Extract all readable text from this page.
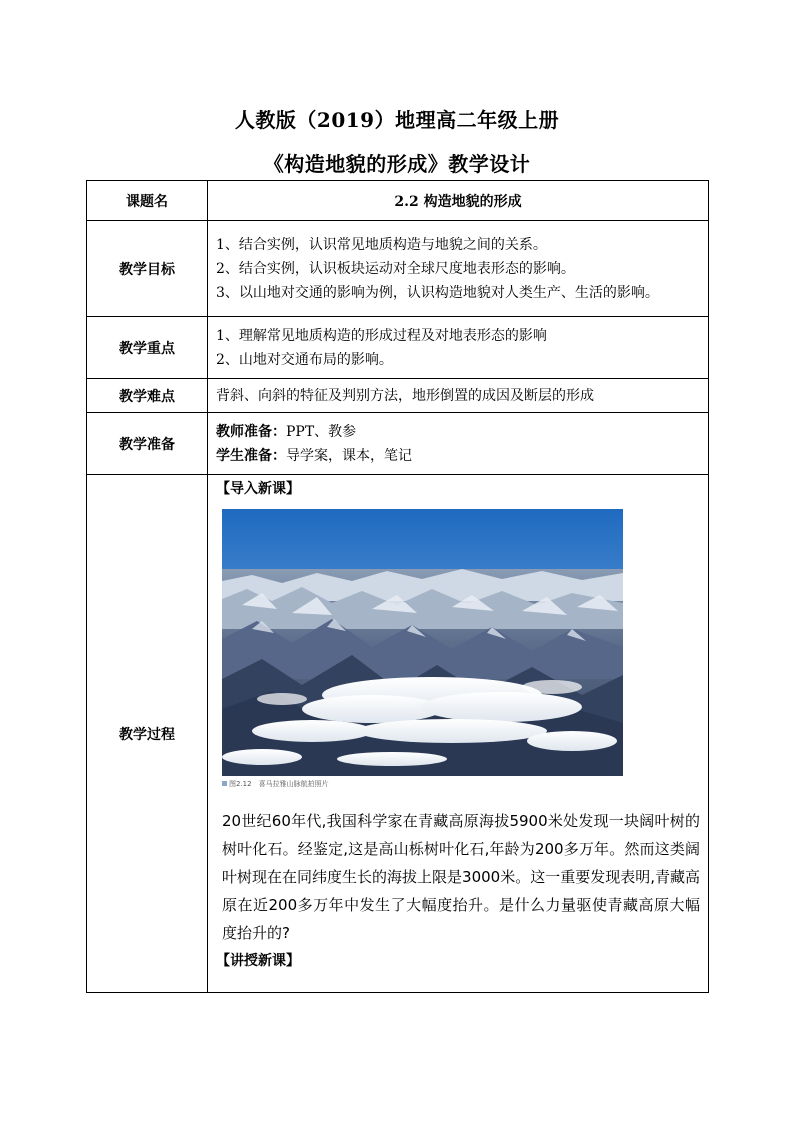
人教版（2019）地理高二年级上册
《构造地貌的形成》教学设计
课题名	2.2 构造地貌的形成
教学目标	1、结合实例，认识常见地质构造与地貌之间的关系。
2、结合实例，认识板块运动对全球尺度地表形态的影响。
3、以山地对交通的影响为例，认识构造地貌对人类生产、生活的影响。

教学重点	1、理解常见地质构造的形成过程及对地表形态的影响
2、山地对交通布局的影响。

教学难点	背斜、向斜的特征及判别方法，地形倒置的成因及断层的形成

教学准备	教师准备：PPT、教参
学生准备：导学案，课本，笔记

教学过程	【导入新课】
图2.12　喜马拉雅山脉航拍照片
20世纪60年代,我国科学家在青藏高原海拔5900米处发现一块阔叶树的树叶化石。经鉴定,这是高山栎树叶化石,年龄为200多万年。然而这类阔叶树现在在同纬度生长的海拔上限是3000米。这一重要发现表明,青藏高原在近200多万年中发生了大幅度抬升。是什么力量驱使青藏高原大幅度抬升的?
【讲授新课】
